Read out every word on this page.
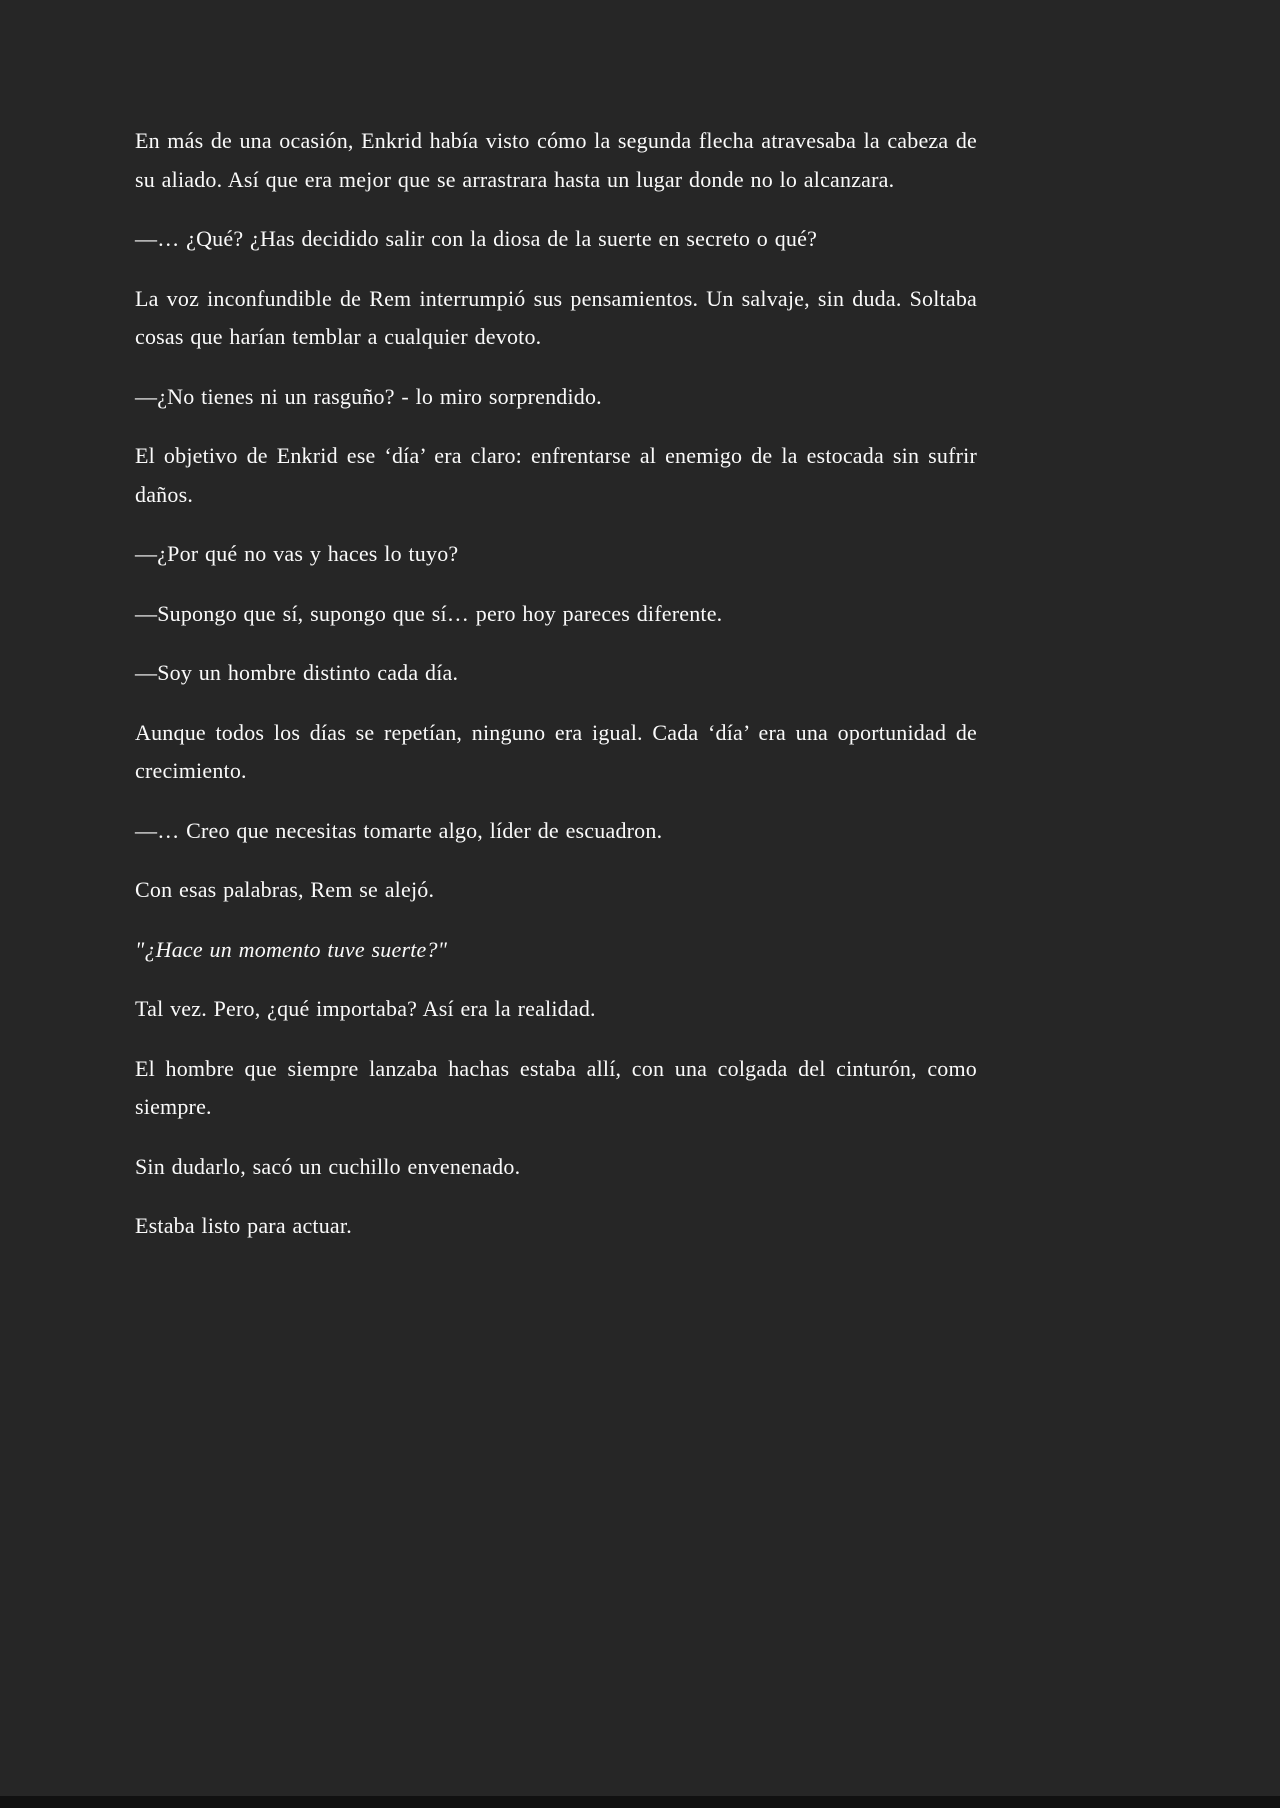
En más de una ocasión, Enkrid había visto cómo la segunda flecha atravesaba la cabeza de su aliado. Así que era mejor que se arrastrara hasta un lugar donde no lo alcanzara.

—… ¿Qué? ¿Has decidido salir con la diosa de la suerte en secreto o qué?

La voz inconfundible de Rem interrumpió sus pensamientos. Un salvaje, sin duda. Soltaba cosas que harían temblar a cualquier devoto.

—¿No tienes ni un rasguño? - lo miro sorprendido.

El objetivo de Enkrid ese ‘día’ era claro: enfrentarse al enemigo de la estocada sin sufrir daños.

—¿Por qué no vas y haces lo tuyo?

—Supongo que sí, supongo que sí… pero hoy pareces diferente.

—Soy un hombre distinto cada día.

Aunque todos los días se repetían, ninguno era igual. Cada ‘día’ era una oportunidad de crecimiento.

—… Creo que necesitas tomarte algo, líder de escuadron.

Con esas palabras, Rem se alejó.

"¿Hace un momento tuve suerte?"

Tal vez. Pero, ¿qué importaba? Así era la realidad.

El hombre que siempre lanzaba hachas estaba allí, con una colgada del cinturón, como siempre.

Sin dudarlo, sacó un cuchillo envenenado.

Estaba listo para actuar.
